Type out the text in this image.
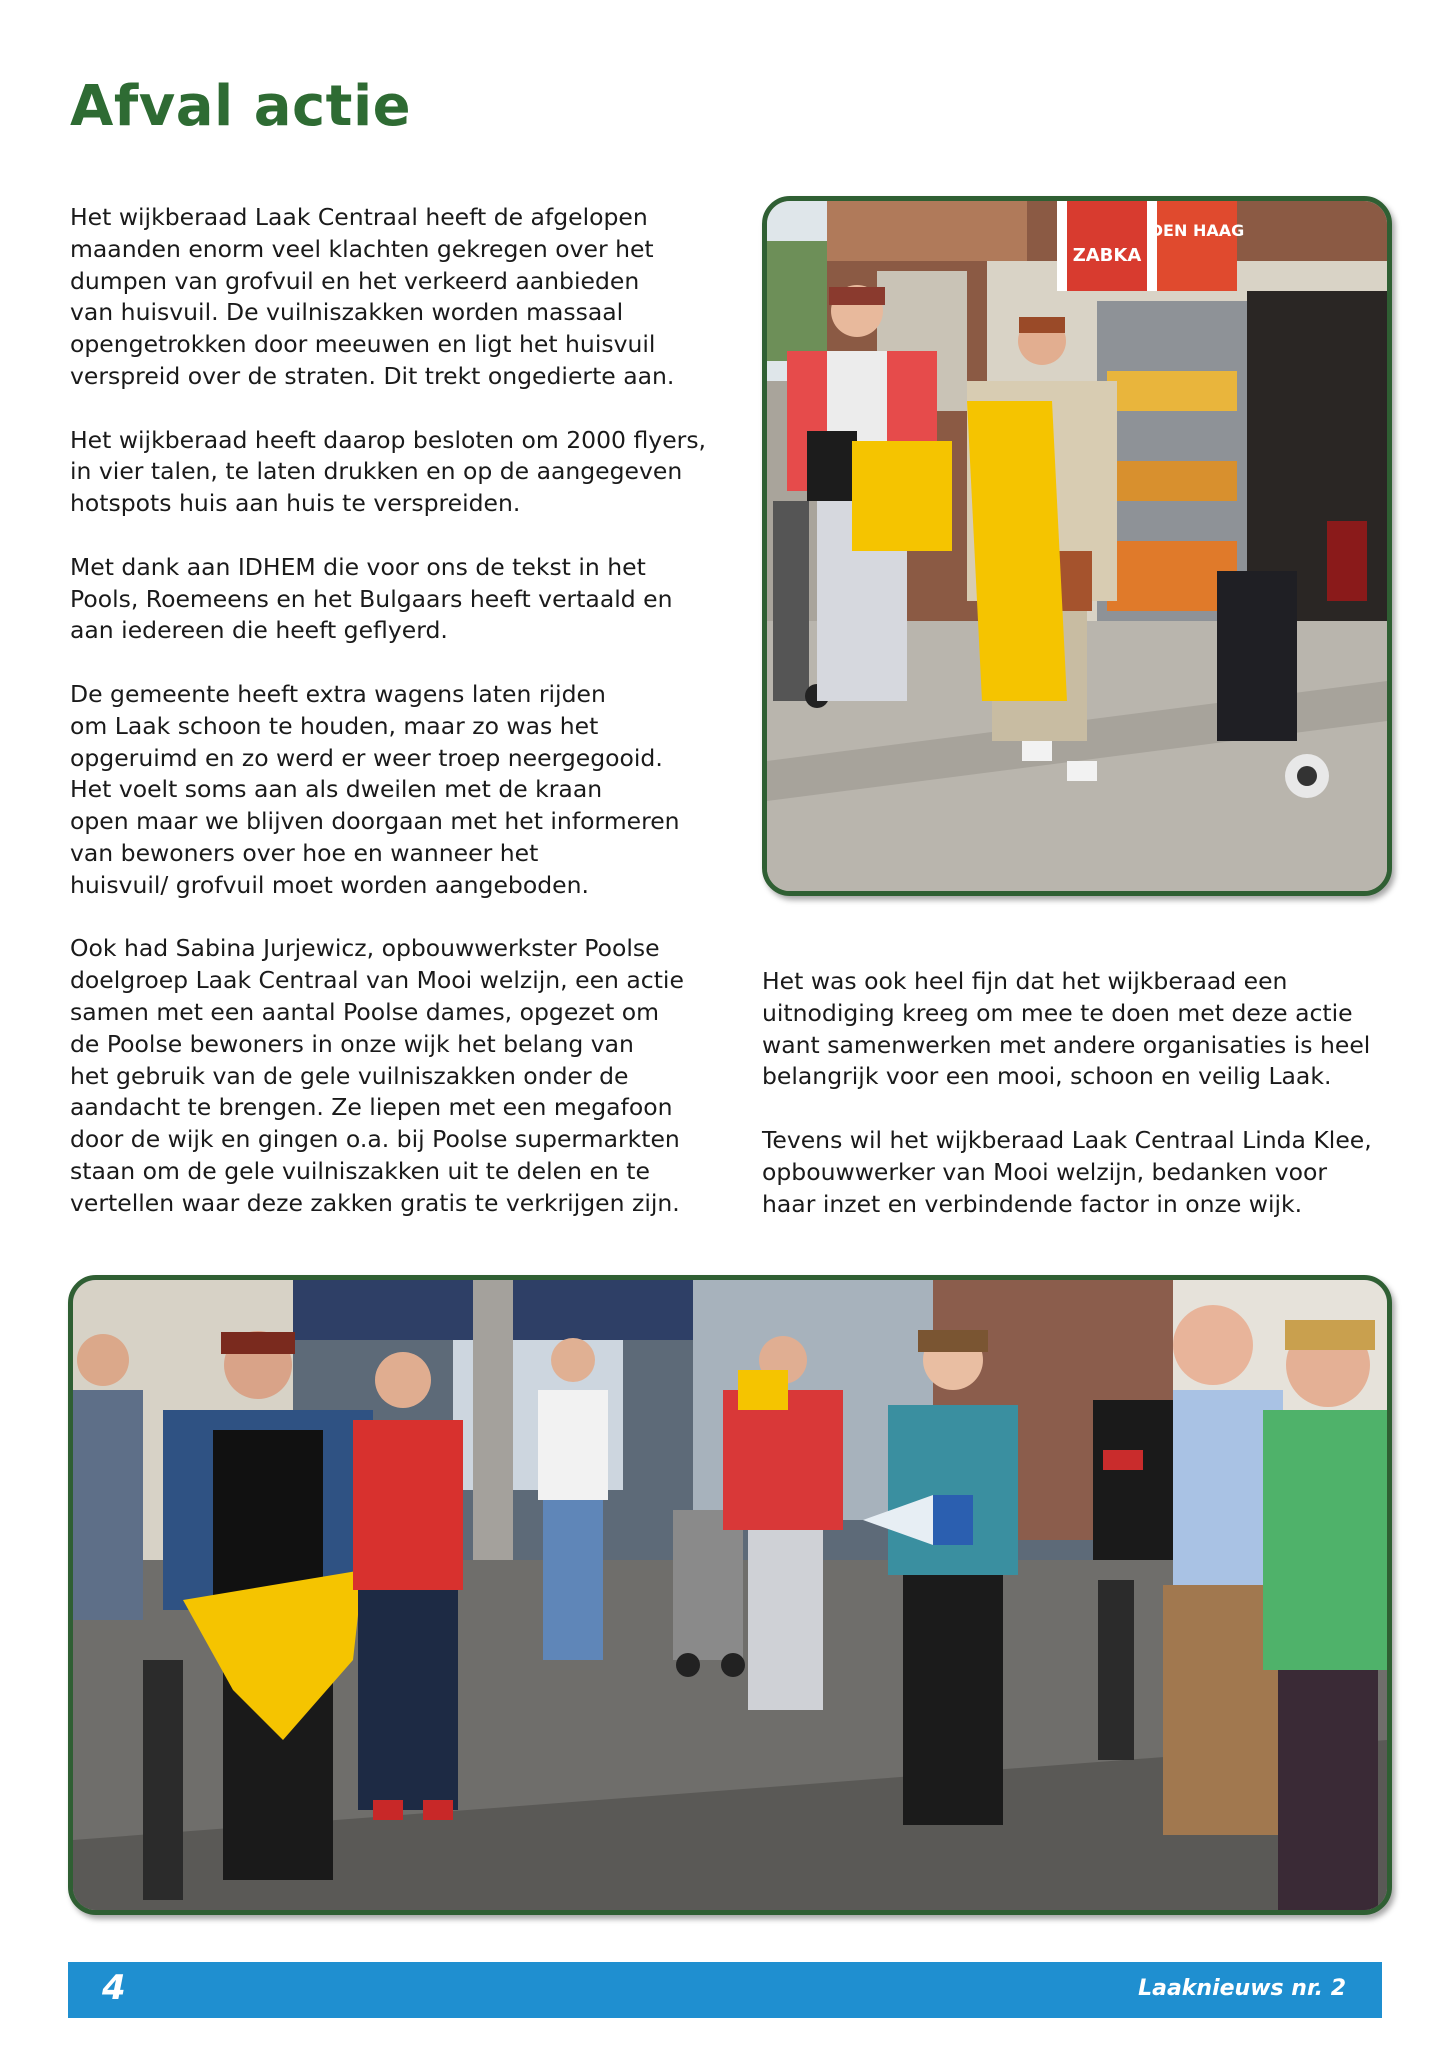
Afval actie

Het wijkberaad Laak Centraal heeft de afgelopen
maanden enorm veel klachten gekregen over het
dumpen van grofvuil en het verkeerd aanbieden
van huisvuil. De vuilniszakken worden massaal
opengetrokken door meeuwen en ligt het huisvuil
verspreid over de straten. Dit trekt ongedierte aan.

Het wijkberaad heeft daarop besloten om 2000 flyers,
in vier talen, te laten drukken en op de aangegeven
hotspots huis aan huis te verspreiden.

Met dank aan IDHEM die voor ons de tekst in het
Pools, Roemeens en het Bulgaars heeft vertaald en
aan iedereen die heeft geflyerd.

De gemeente heeft extra wagens laten rijden
om Laak schoon te houden, maar zo was het
opgeruimd en zo werd er weer troep neergegooid.
Het voelt soms aan als dweilen met de kraan
open maar we blijven doorgaan met het informeren
van bewoners over hoe en wanneer het
huisvuil/ grofvuil moet worden aangeboden.

Ook had Sabina Jurjewicz, opbouwwerkster Poolse
doelgroep Laak Centraal van Mooi welzijn, een actie
samen met een aantal Poolse dames, opgezet om
de Poolse bewoners in onze wijk het belang van
het gebruik van de gele vuilniszakken onder de
aandacht te brengen. Ze liepen met een megafoon
door de wijk en gingen o.a. bij Poolse supermarkten
staan om de gele vuilniszakken uit te delen en te
vertellen waar deze zakken gratis te verkrijgen zijn.

Het was ook heel fijn dat het wijkberaad een
uitnodiging kreeg om mee te doen met deze actie
want samenwerken met andere organisaties is heel
belangrijk voor een mooi, schoon en veilig Laak.

Tevens wil het wijkberaad Laak Centraal Linda Klee,
opbouwwerker van Mooi welzijn, bedanken voor
haar inzet en verbindende factor in onze wijk.

ZABKA
DEN HAAG
4	Laaknieuws nr. 2
